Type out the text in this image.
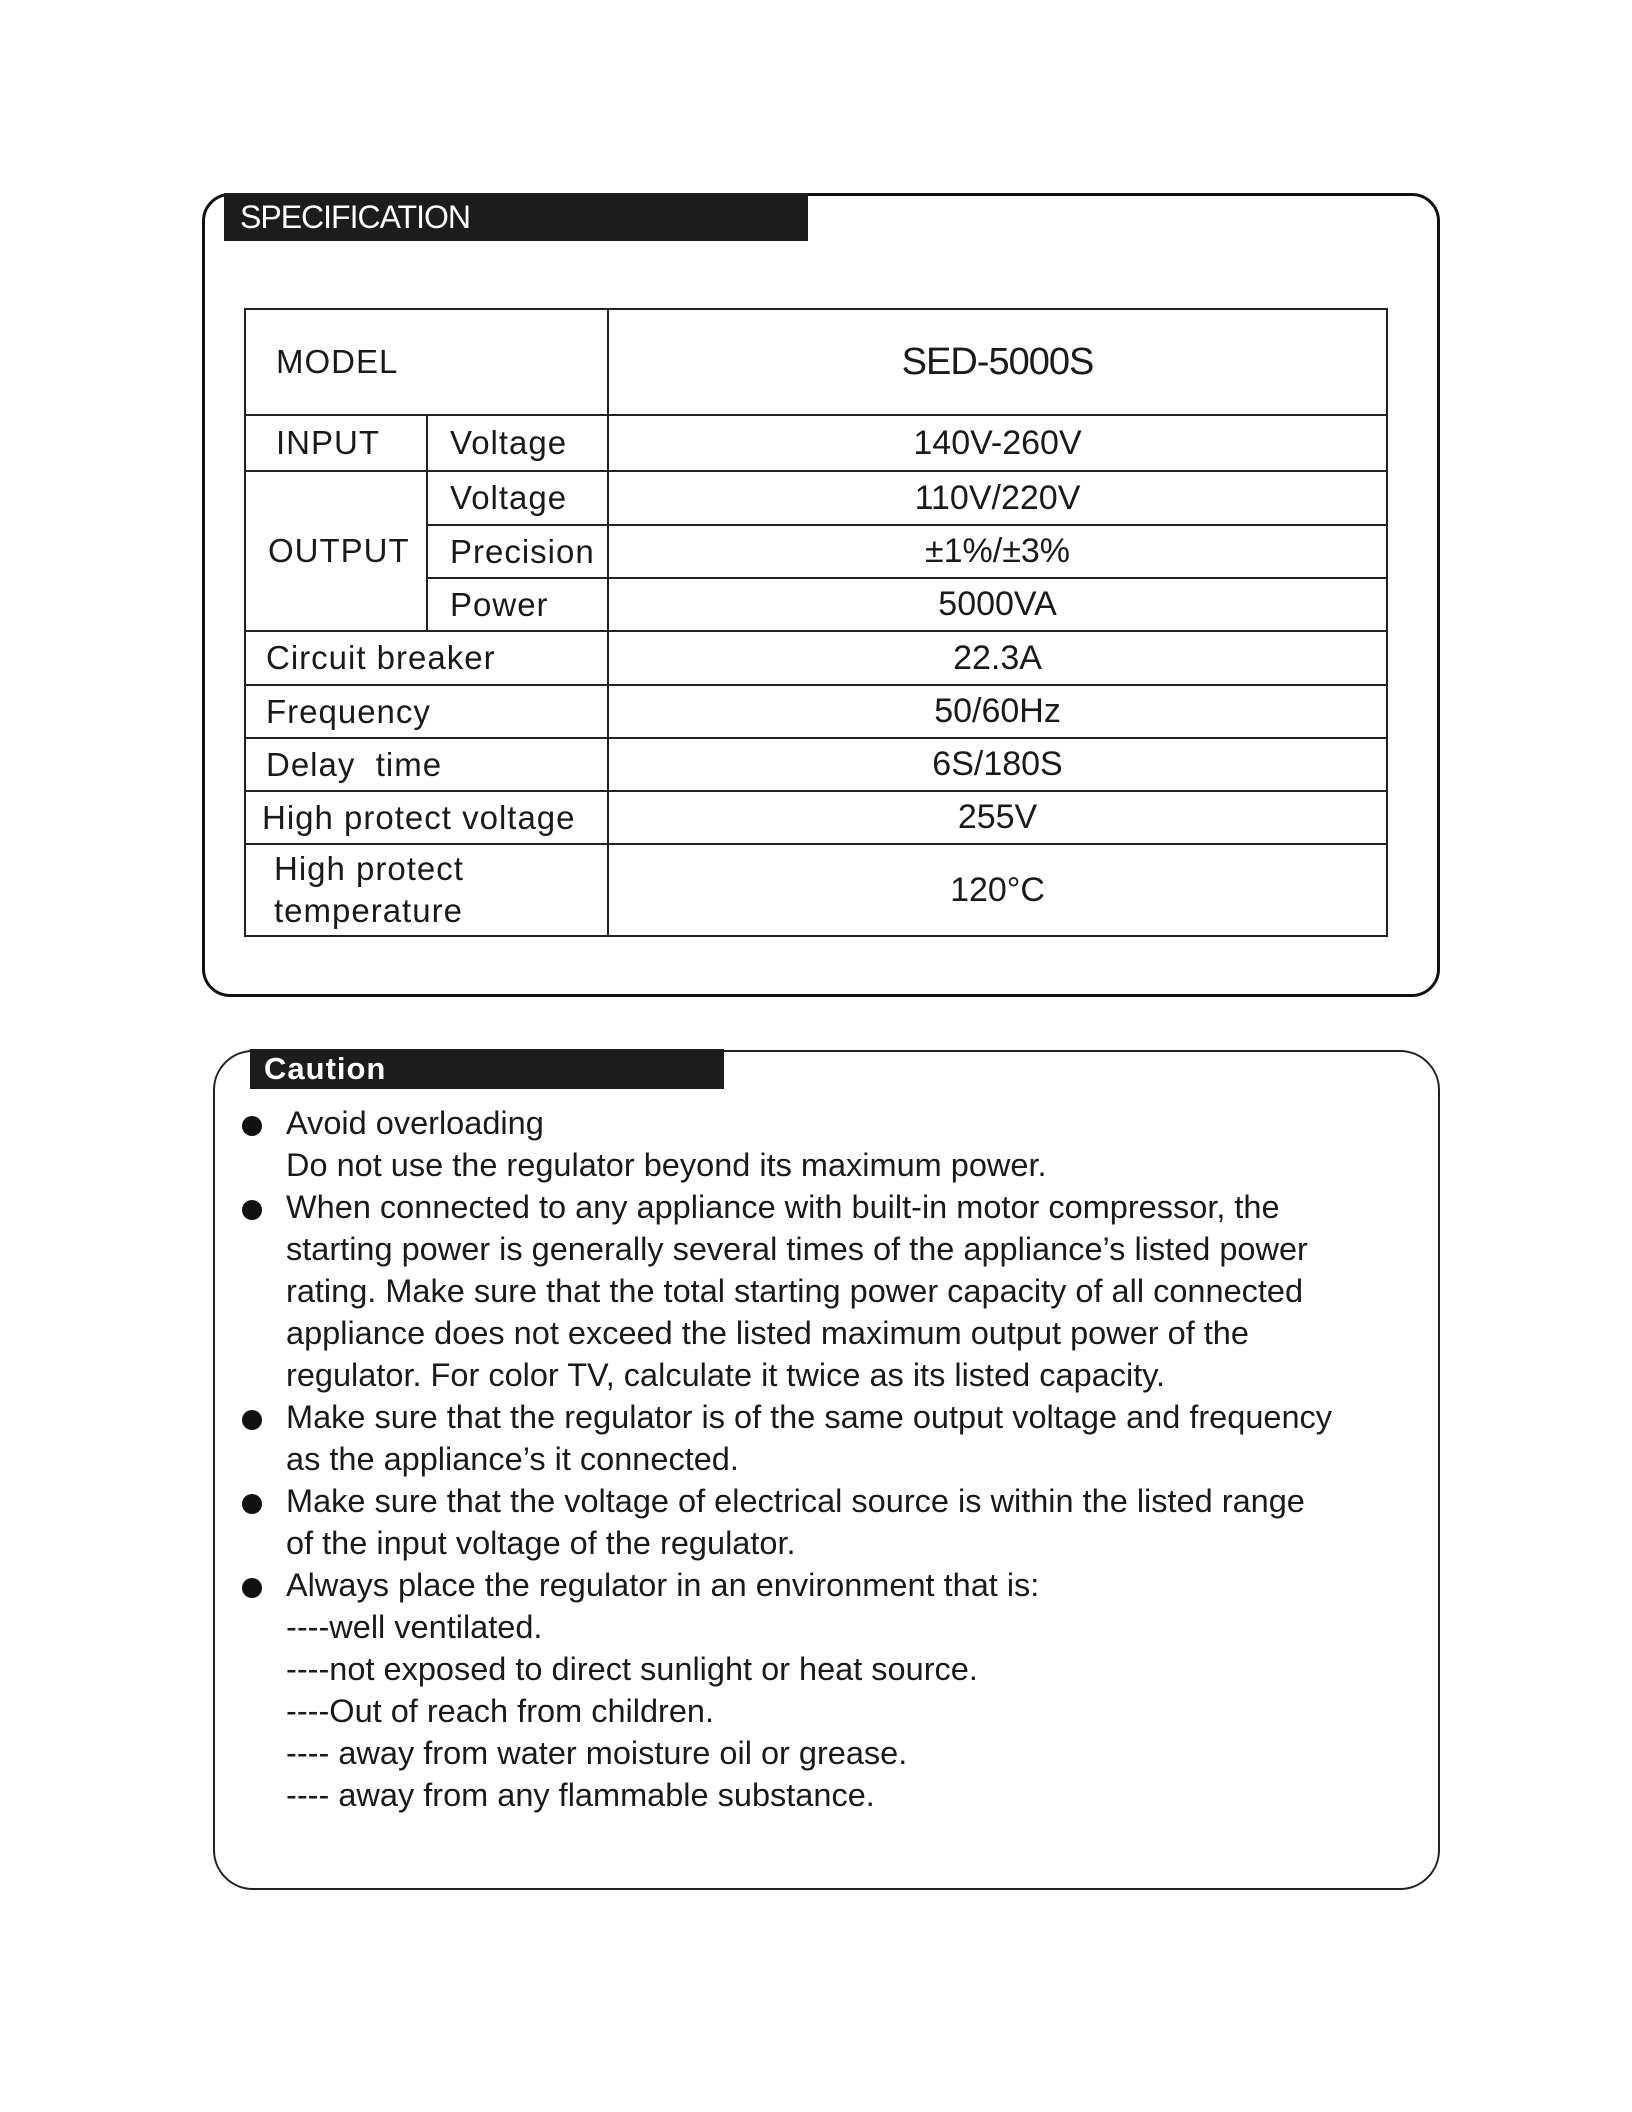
SPECIFICATION
MODEL		SED-5000S
INPUT	Voltage	140V-260V
OUTPUT	Voltage	110V/220V
	Precision	±1%/±3%
	Power	5000VA
Circuit breaker		22.3A
Frequency		50/60Hz
Delay  time		6S/180S
High protect voltage		255V

High protect
temperature		120°C
Caution
Avoid overloading
Do not use the regulator beyond its maximum power.
When connected to any appliance with built-in motor compressor, the
starting power is generally several times of the appliance’s listed power
rating. Make sure that the total starting power capacity of all connected
appliance does not exceed the listed maximum output power of the
regulator. For color TV, calculate it twice as its listed capacity.
Make sure that the regulator is of the same output voltage and frequency
as the appliance’s it connected.
Make sure that the voltage of electrical source is within the listed range
of the input voltage of the regulator.
Always place the regulator in an environment that is:
----well ventilated.
----not exposed to direct sunlight or heat source.
----Out of reach from children.
---- away from water moisture oil or grease.
---- away from any flammable substance.
